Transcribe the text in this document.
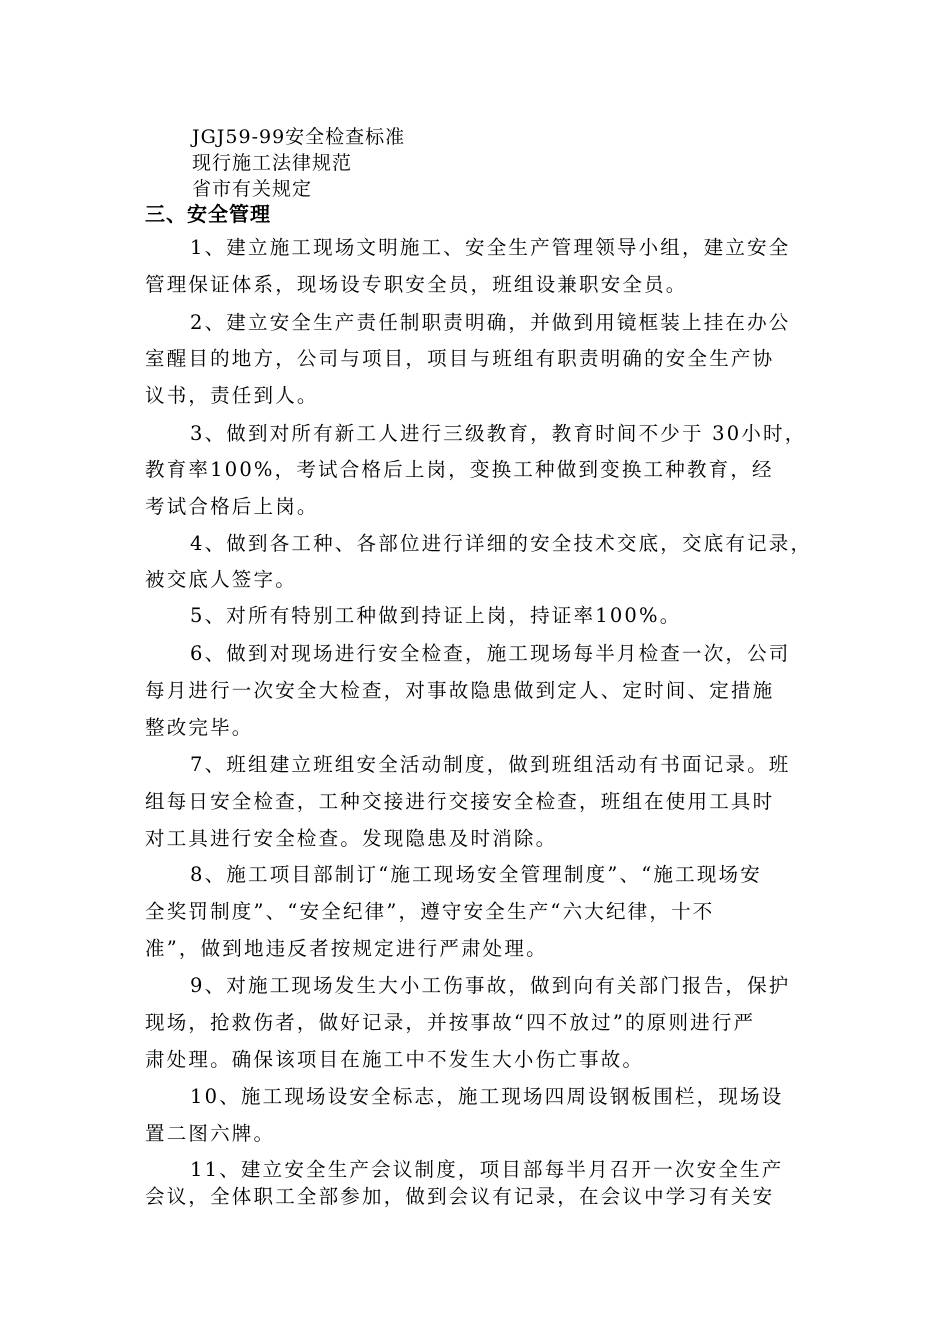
JGJ59-99安全检查标准
现行施工法律规范
省市有关规定
三、安全管理
1、建立施工现场文明施工、安全生产管理领导小组，建立安全
管理保证体系，现场设专职安全员，班组设兼职安全员。
2、建立安全生产责任制职责明确，并做到用镜框装上挂在办公
室醒目的地方，公司与项目，项目与班组有职责明确的安全生产协
议书，责任到人。
3、做到对所有新工人进行三级教育，教育时间不少于 30小时，
教育率100%，考试合格后上岗，变换工种做到变换工种教育，经
考试合格后上岗。
4、做到各工种、各部位进行详细的安全技术交底，交底有记录，
被交底人签字。
5、对所有特别工种做到持证上岗，持证率100%。
6、做到对现场进行安全检查，施工现场每半月检查一次，公司
每月进行一次安全大检查，对事故隐患做到定人、定时间、定措施
整改完毕。
7、班组建立班组安全活动制度，做到班组活动有书面记录。班
组每日安全检查，工种交接进行交接安全检查，班组在使用工具时
对工具进行安全检查。发现隐患及时消除。
8、施工项目部制订“施工现场安全管理制度”、“施工现场安
全奖罚制度”、“安全纪律”，遵守安全生产“六大纪律，十不
准”，做到地违反者按规定进行严肃处理。
9、对施工现场发生大小工伤事故，做到向有关部门报告，保护
现场，抢救伤者，做好记录，并按事故“四不放过”的原则进行严
肃处理。确保该项目在施工中不发生大小伤亡事故。
10、施工现场设安全标志，施工现场四周设钢板围栏，现场设
置二图六牌。
11、建立安全生产会议制度，项目部每半月召开一次安全生产
会议，全体职工全部参加，做到会议有记录，在会议中学习有关安
